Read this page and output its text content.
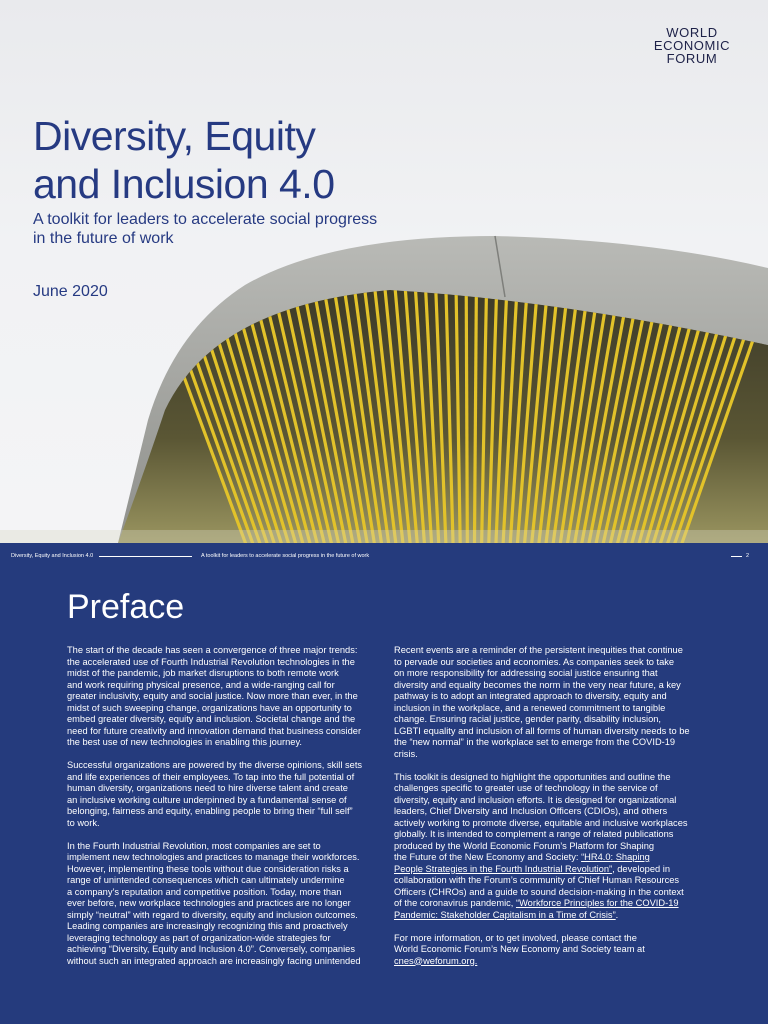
WORLD
ECONOMIC
FORUM
Diversity, Equity
and Inclusion 4.0
A toolkit for leaders to accelerate social progress
in the future of work
June 2020
Diversity, Equity and Inclusion 4.0	A toolkit for leaders to accelerate social progress in the future of work	2
Preface

The start of the decade has seen a convergence of three major trends:
the accelerated use of Fourth Industrial Revolution technologies in the
midst of the pandemic, job market disruptions to both remote work
and work requiring physical presence, and a wide-ranging call for
greater inclusivity, equity and social justice. Now more than ever, in the
midst of such sweeping change, organizations have an opportunity to
embed greater diversity, equity and inclusion. Societal change and the
need for future creativity and innovation demand that business consider
the best use of new technologies in enabling this journey.

Successful organizations are powered by the diverse opinions, skill sets
and life experiences of their employees. To tap into the full potential of
human diversity, organizations need to hire diverse talent and create
an inclusive working culture underpinned by a fundamental sense of
belonging, fairness and equity, enabling people to bring their “full self”
to work.

In the Fourth Industrial Revolution, most companies are set to
implement new technologies and practices to manage their workforces.
However, implementing these tools without due consideration risks a
range of unintended consequences which can ultimately undermine
a company’s reputation and competitive position. Today, more than
ever before, new workplace technologies and practices are no longer
simply “neutral” with regard to diversity, equity and inclusion outcomes.
Leading companies are increasingly recognizing this and proactively
leveraging technology as part of organization-wide strategies for
achieving “Diversity, Equity and Inclusion 4.0”. Conversely, companies
without such an integrated approach are increasingly facing unintended

Recent events are a reminder of the persistent inequities that continue
to pervade our societies and economies. As companies seek to take
on more responsibility for addressing social justice ensuring that
diversity and equality becomes the norm in the very near future, a key
pathway is to adopt an integrated approach to diversity, equity and
inclusion in the workplace, and a renewed commitment to tangible
change. Ensuring racial justice, gender parity, disability inclusion,
LGBTI equality and inclusion of all forms of human diversity needs to be
the “new normal” in the workplace set to emerge from the COVID-19
crisis.

This toolkit is designed to highlight the opportunities and outline the
challenges specific to greater use of technology in the service of
diversity, equity and inclusion efforts. It is designed for organizational
leaders, Chief Diversity and Inclusion Officers (CDIOs), and others
actively working to promote diverse, equitable and inclusive workplaces
globally. It is intended to complement a range of related publications
produced by the World Economic Forum’s Platform for Shaping
the Future of the New Economy and Society: “HR4.0: Shaping
People Strategies in the Fourth Industrial Revolution”, developed in
collaboration with the Forum’s community of Chief Human Resources
Officers (CHROs) and a guide to sound decision-making in the context
of the coronavirus pandemic, “Workforce Principles for the COVID-19
Pandemic: Stakeholder Capitalism in a Time of Crisis”.

For more information, or to get involved, please contact the
World Economic Forum’s New Economy and Society team at
cnes@weforum.org.
